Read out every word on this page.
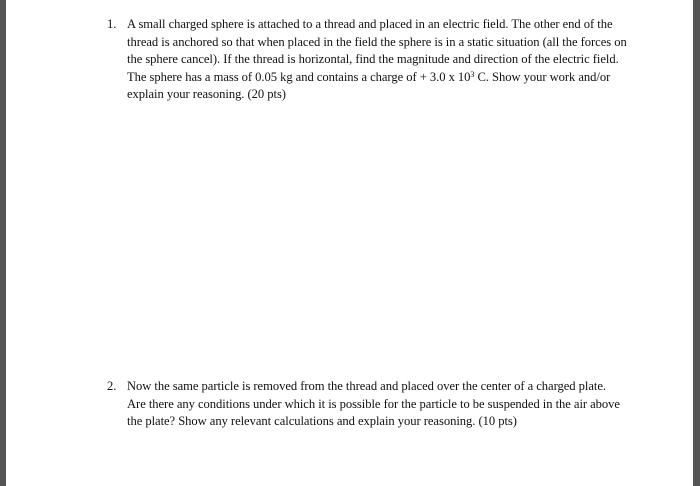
1. A small charged sphere is attached to a thread and placed in an electric field. The other end of the thread is anchored so that when placed in the field the sphere is in a static situation (all the forces on the sphere cancel). If the thread is horizontal, find the magnitude and direction of the electric field. The sphere has a mass of 0.05 kg and contains a charge of + 3.0 x $10^3$ C. Show your work and/or explain your reasoning. (20 pts)
2. Now the same particle is removed from the thread and placed over the center of a charged plate. Are there any conditions under which it is possible for the particle to be suspended in the air above the plate? Show any relevant calculations and explain your reasoning. (10 pts)
